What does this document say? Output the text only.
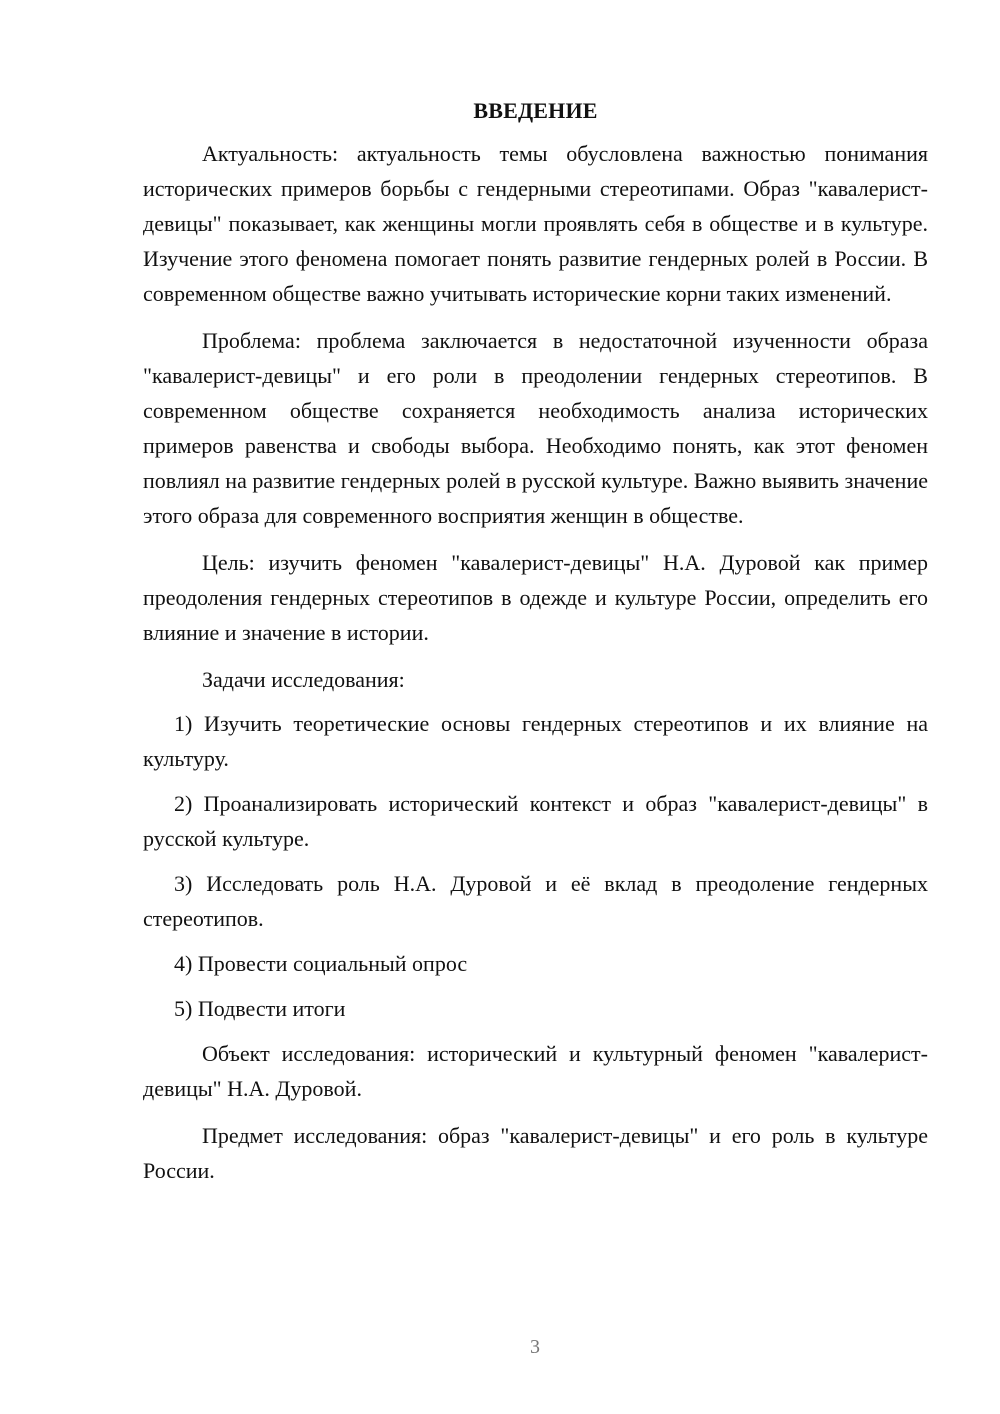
ВВЕДЕНИЕ

Актуальность: актуальность темы обусловлена важностью понимания исторических примеров борьбы с гендерными стереотипами. Образ "кавалерист-девицы" показывает, как женщины могли проявлять себя в обществе и в культуре. Изучение этого феномена помогает понять развитие гендерных ролей в России. В современном обществе важно учитывать исторические корни таких изменений.

Проблема: проблема заключается в недостаточной изученности образа "кавалерист-девицы" и его роли в преодолении гендерных стереотипов. В современном обществе сохраняется необходимость анализа исторических примеров равенства и свободы выбора. Необходимо понять, как этот феномен повлиял на развитие гендерных ролей в русской культуре. Важно выявить значение этого образа для современного восприятия женщин в обществе.

Цель: изучить феномен "кавалерист-девицы" Н.А. Дуровой как пример преодоления гендерных стереотипов в одежде и культуре России, определить его влияние и значение в истории.

Задачи исследования:

1) Изучить теоретические основы гендерных стереотипов и их влияние на культуру.

2) Проанализировать исторический контекст и образ "кавалерист-девицы" в русской культуре.

3) Исследовать роль Н.А. Дуровой и её вклад в преодоление гендерных стереотипов.

4) Провести социальный опрос

5) Подвести итоги

Объект исследования: исторический и культурный феномен "кавалерист-девицы" Н.А. Дуровой.

Предмет исследования: образ "кавалерист-девицы" и его роль в культуре России.

3
